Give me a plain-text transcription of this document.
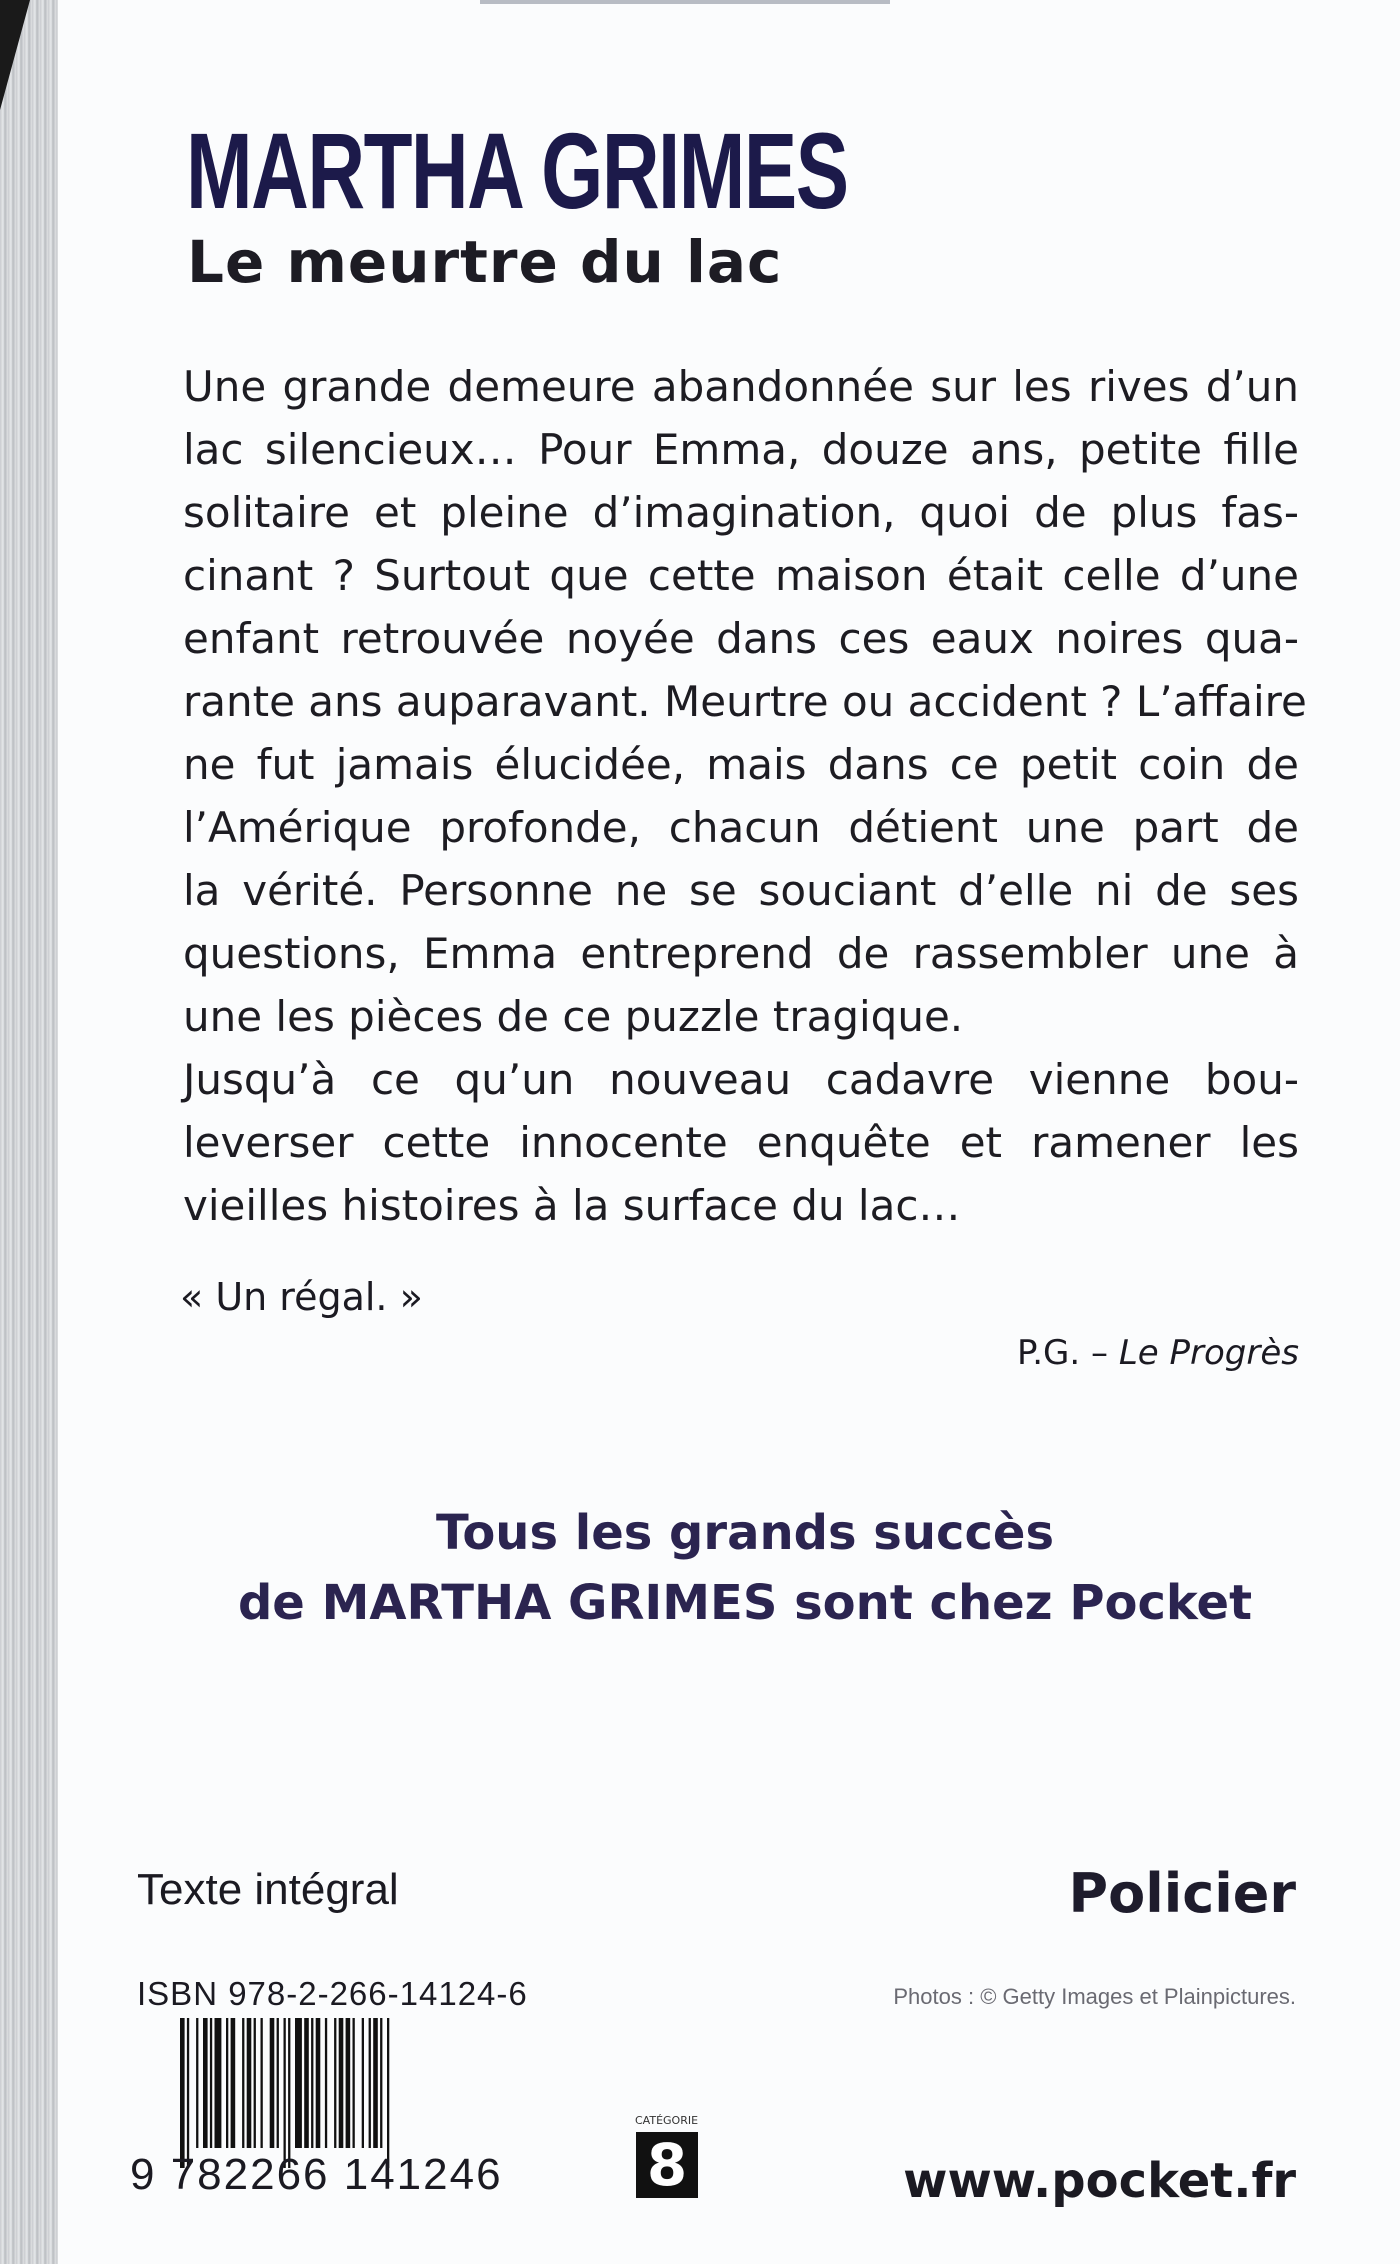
MARTHA GRIMES
Le meurtre du lac
Une grande demeure abandonnée sur les rives d’un
lac silencieux… Pour Emma, douze ans, petite fille
solitaire et pleine d’imagination, quoi de plus fas-
cinant ? Surtout que cette maison était celle d’une
enfant retrouvée noyée dans ces eaux noires qua-
rante ans auparavant. Meurtre ou accident ? L’affaire
ne fut jamais élucidée, mais dans ce petit coin de
l’Amérique profonde, chacun détient une part de
la vérité. Personne ne se souciant d’elle ni de ses
questions, Emma entreprend de rassembler une à
une les pièces de ce puzzle tragique.
Jusqu’à ce qu’un nouveau cadavre vienne bou-
leverser cette innocente enquête et ramener les
vieilles histoires à la surface du lac…
« Un régal. »
P.G. – Le Progrès
Tous les grands succès
de MARTHA GRIMES sont chez Pocket
Texte intégral	Policier
ISBN 978-2-266-14124-6	Photos : © Getty Images et Plainpictures.
9 782266 141246
CATÉGORIE
8	www.pocket.fr
